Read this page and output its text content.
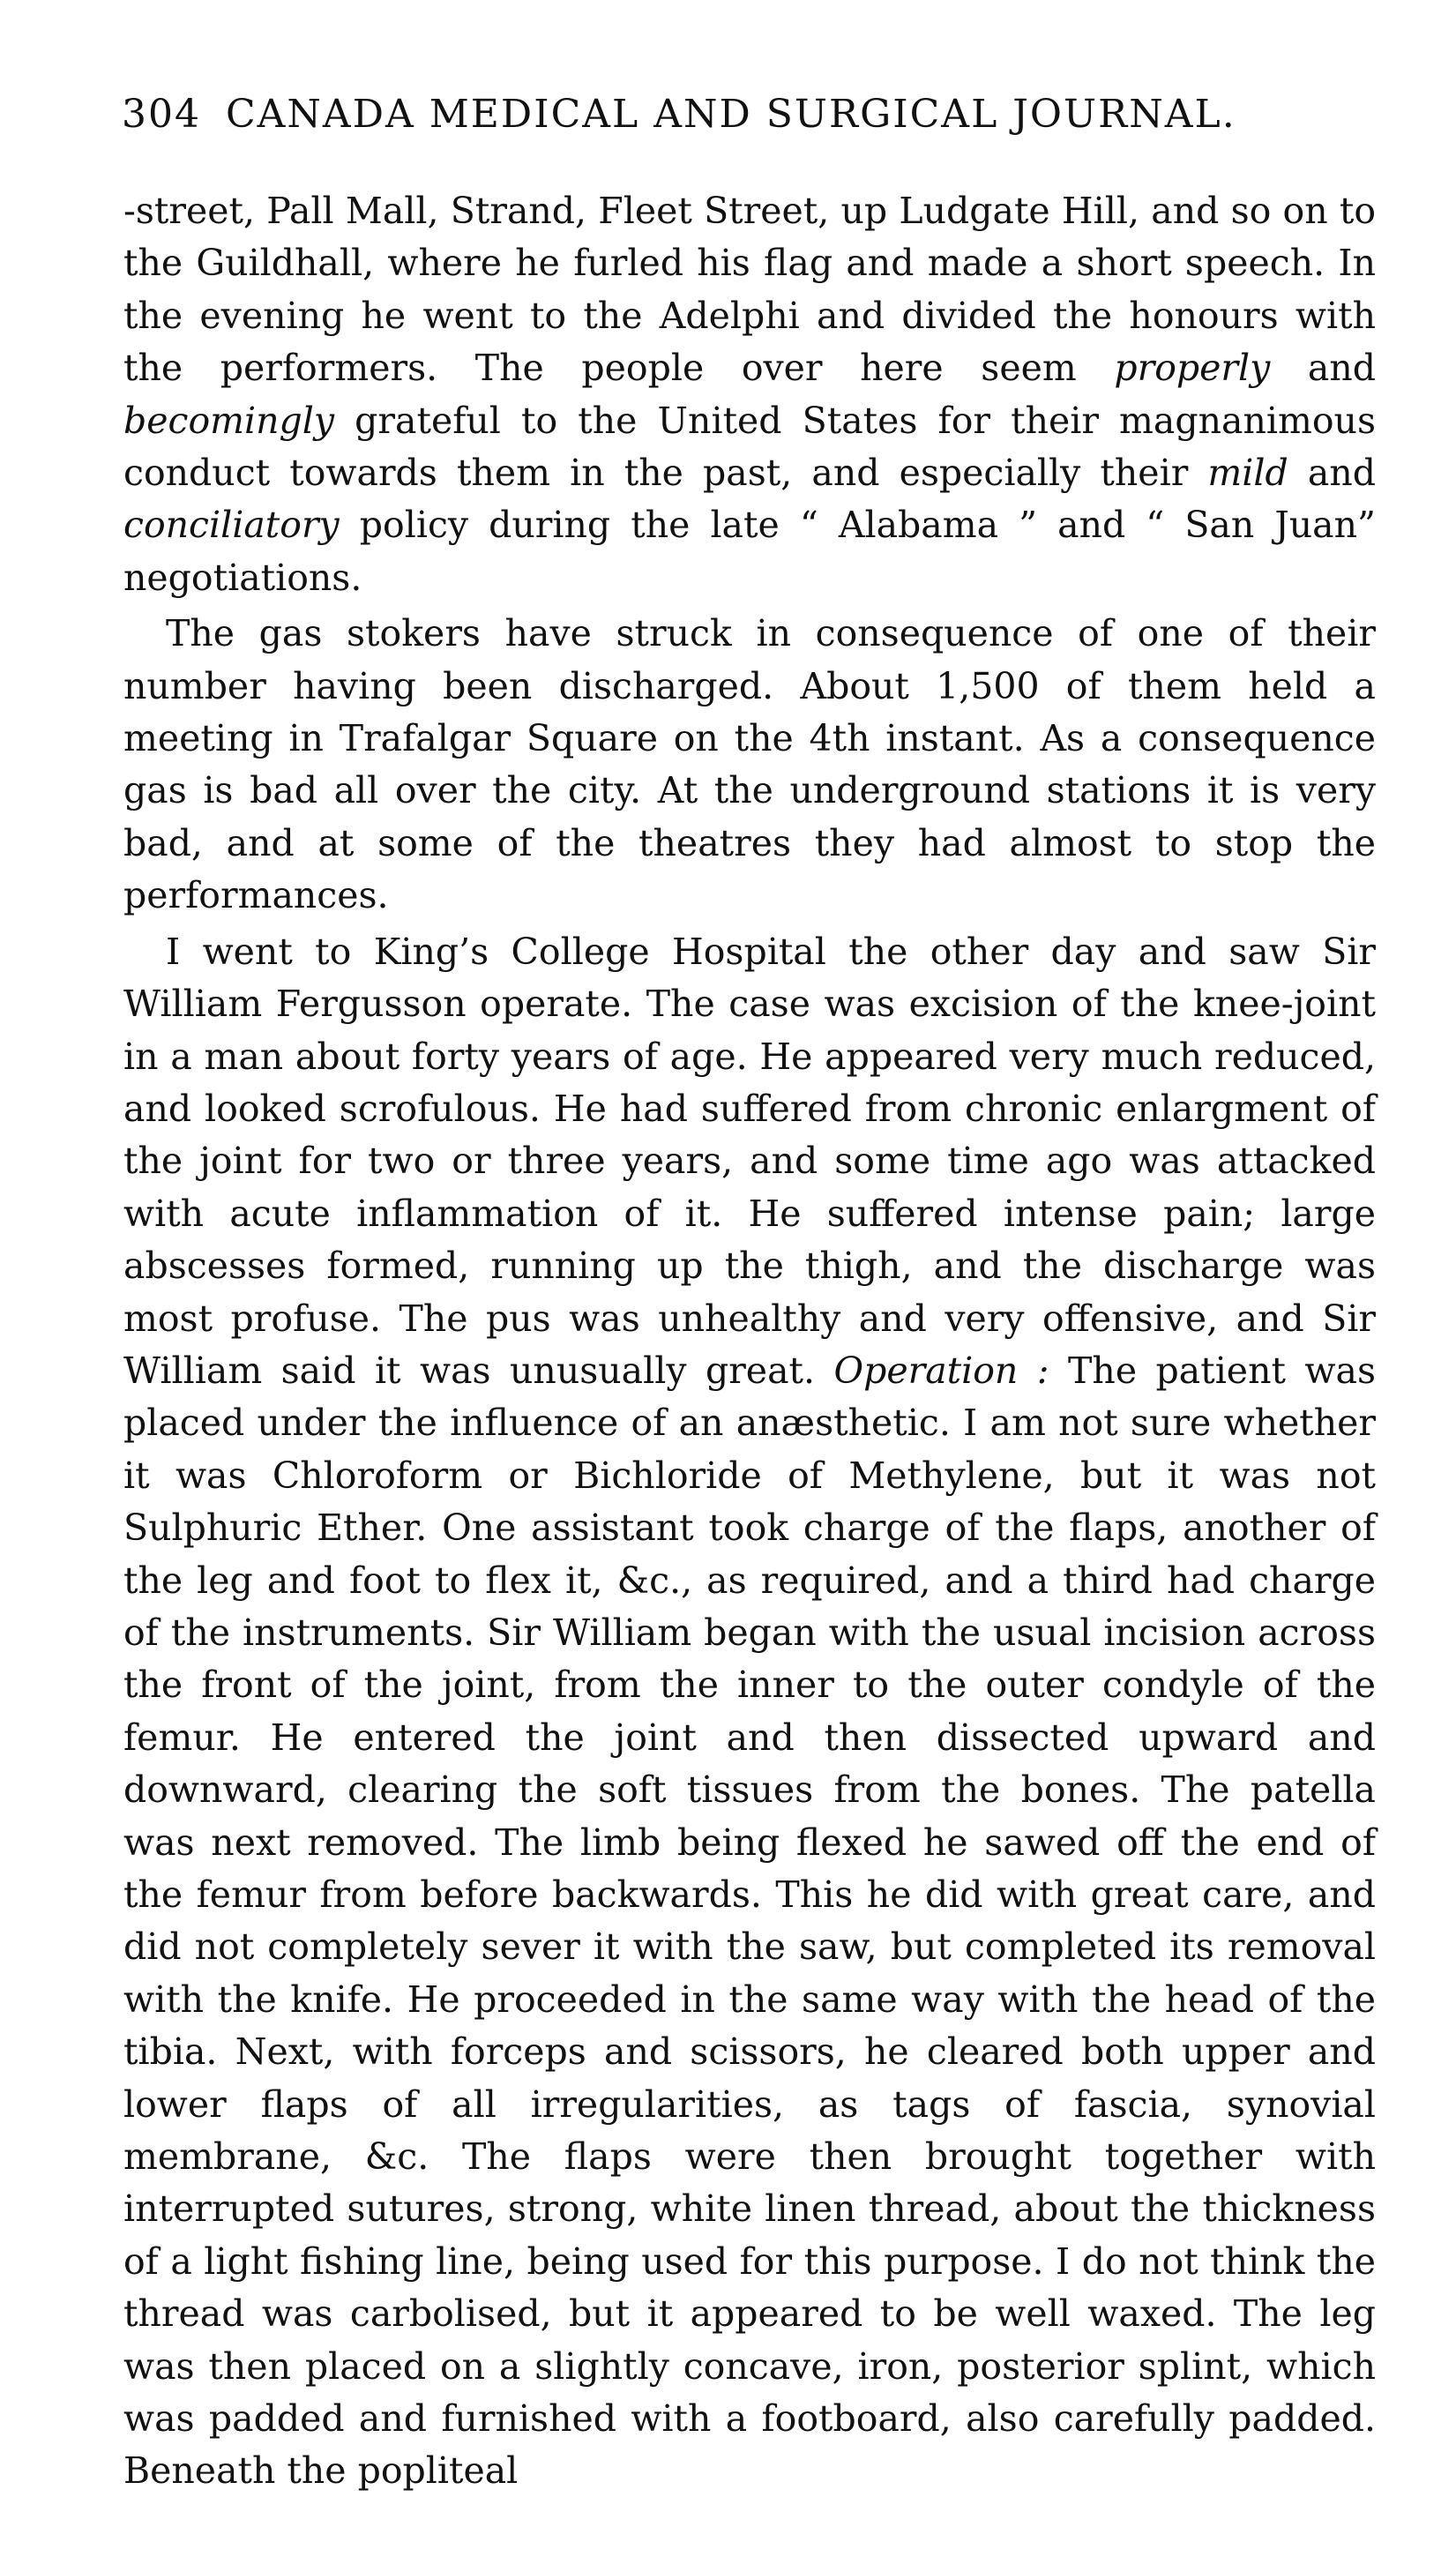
304 CANADA MEDICAL AND SURGICAL JOURNAL.

-street, Pall Mall, Strand, Fleet Street, up Ludgate Hill, and so on to the Guildhall, where he furled his flag and made a short speech. In the evening he went to the Adelphi and divided the honours with the performers. The people over here seem properly and becomingly grateful to the United States for their magnanimous conduct towards them in the past, and especially their mild and conciliatory policy during the late “ Alabama ” and “ San Juan” negotiations.

The gas stokers have struck in consequence of one of their number having been discharged. About 1,500 of them held a meeting in Trafalgar Square on the 4th instant. As a consequence gas is bad all over the city. At the underground stations it is very bad, and at some of the theatres they had almost to stop the performances.

I went to King’s College Hospital the other day and saw Sir William Fergusson operate. The case was excision of the knee-joint in a man about forty years of age. He appeared very much reduced, and looked scrofulous. He had suffered from chronic enlargment of the joint for two or three years, and some time ago was attacked with acute inflammation of it. He suffered intense pain; large abscesses formed, running up the thigh, and the discharge was most profuse. The pus was unhealthy and very offensive, and Sir William said it was unusually great. Operation : The patient was placed under the influence of an anæsthetic. I am not sure whether it was Chloroform or Bichloride of Methylene, but it was not Sulphuric Ether. One assistant took charge of the flaps, another of the leg and foot to flex it, &c., as required, and a third had charge of the instruments. Sir William began with the usual incision across the front of the joint, from the inner to the outer condyle of the femur. He entered the joint and then dissected upward and downward, clearing the soft tissues from the bones. The patella was next removed. The limb being flexed he sawed off the end of the femur from before backwards. This he did with great care, and did not completely sever it with the saw, but completed its removal with the knife. He proceeded in the same way with the head of the tibia. Next, with forceps and scissors, he cleared both upper and lower flaps of all irregularities, as tags of fascia, synovial membrane, &c. The flaps were then brought together with interrupted sutures, strong, white linen thread, about the thickness of a light fishing line, being used for this purpose. I do not think the thread was carbolised, but it appeared to be well waxed. The leg was then placed on a slightly concave, iron, posterior splint, which was padded and furnished with a footboard, also carefully padded. Beneath the popliteal
